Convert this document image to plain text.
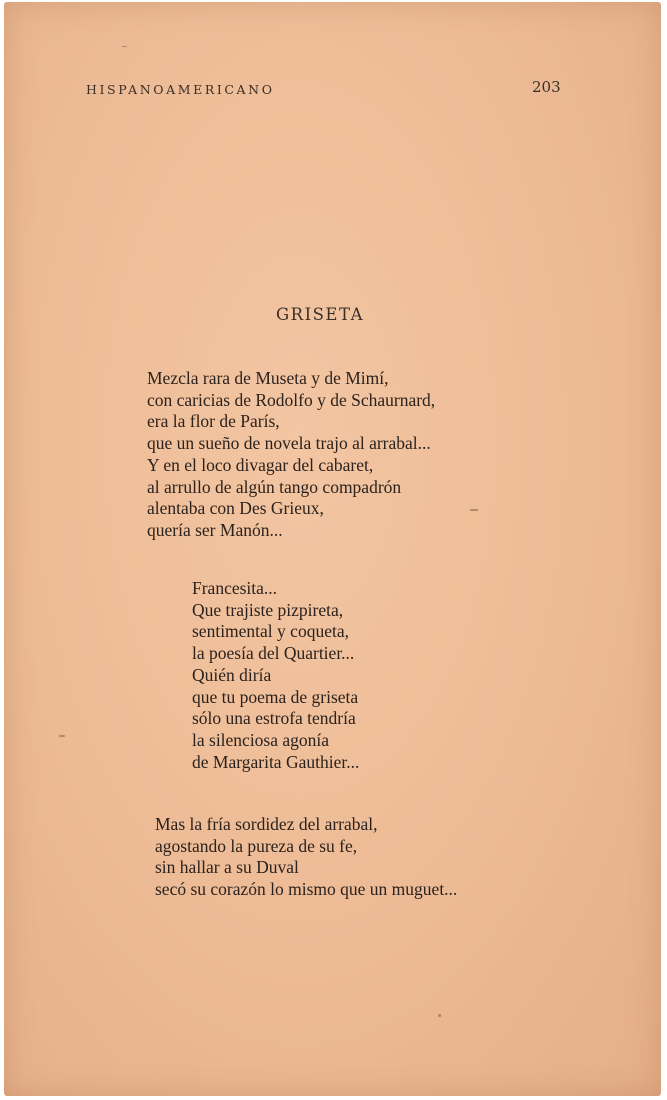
HISPANOAMERICANO	203
GRISETA
Mezcla rara de Museta y de Mimí,
con caricias de Rodolfo y de Schaurnard,
era la flor de París,
que un sueño de novela trajo al arrabal...
Y en el loco divagar del cabaret,
al arrullo de algún tango compadrón
alentaba con Des Grieux,
quería ser Manón...
Francesita...
Que trajiste pizpireta,
sentimental y coqueta,
la poesía del Quartier...
Quién diría
que tu poema de griseta
sólo una estrofa tendría
la silenciosa agonía
de Margarita Gauthier...
Mas la fría sordidez del arrabal,
agostando la pureza de su fe,
sin hallar a su Duval
secó su corazón lo mismo que un muguet...
